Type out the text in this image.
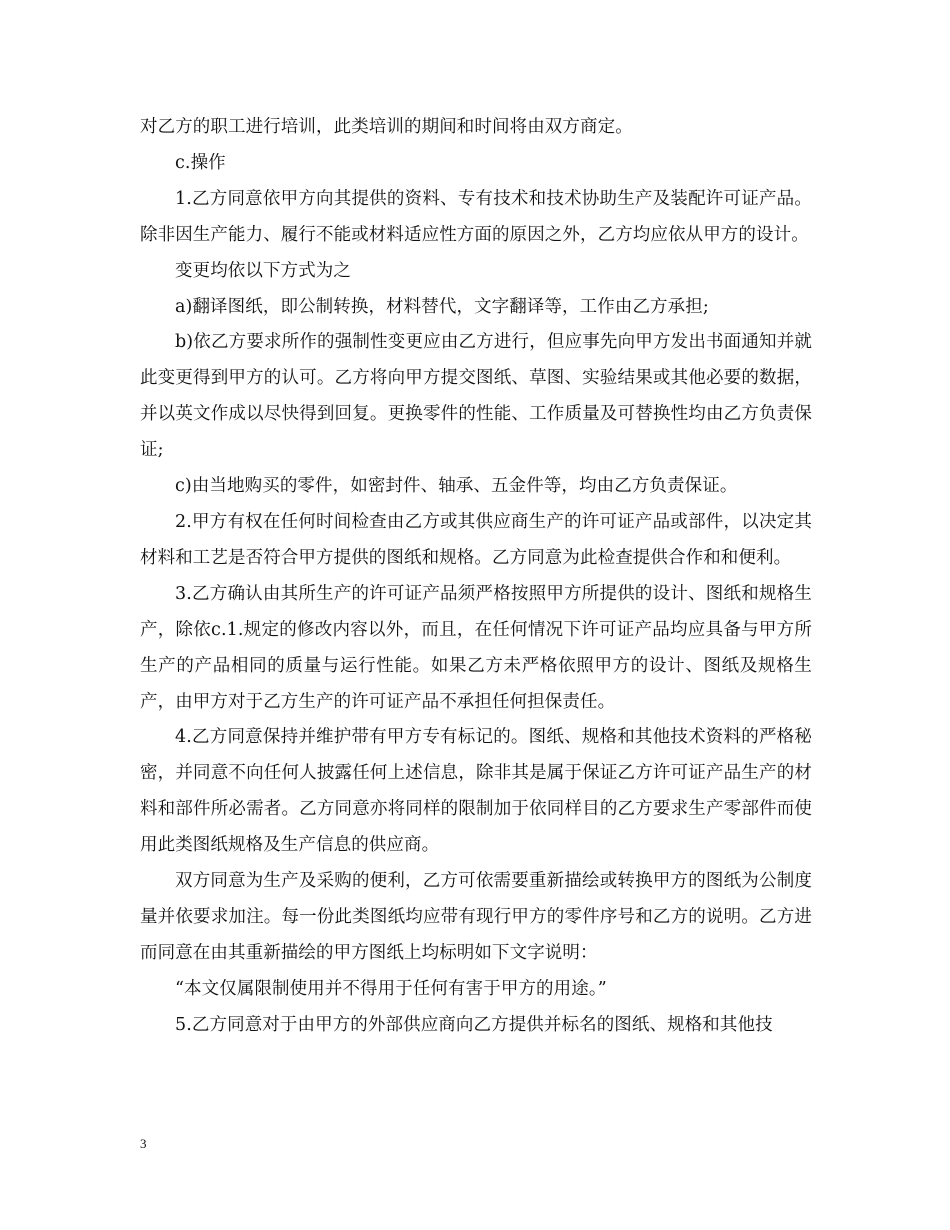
对乙方的职工进行培训，此类培训的期间和时间将由双方商定。

c.操作

1.乙方同意依甲方向其提供的资料、专有技术和技术协助生产及装配许可证产品。除非因生产能力、履行不能或材料适应性方面的原因之外，乙方均应依从甲方的设计。

变更均依以下方式为之

a)翻译图纸，即公制转换，材料替代，文字翻译等，工作由乙方承担;

b)依乙方要求所作的强制性变更应由乙方进行，但应事先向甲方发出书面通知并就此变更得到甲方的认可。乙方将向甲方提交图纸、草图、实验结果或其他必要的数据，并以英文作成以尽快得到回复。更换零件的性能、工作质量及可替换性均由乙方负责保证;

c)由当地购买的零件，如密封件、轴承、五金件等，均由乙方负责保证。

2.甲方有权在任何时间检查由乙方或其供应商生产的许可证产品或部件，以决定其材料和工艺是否符合甲方提供的图纸和规格。乙方同意为此检查提供合作和和便利。

3.乙方确认由其所生产的许可证产品须严格按照甲方所提供的设计、图纸和规格生产，除依c.1.规定的修改内容以外，而且，在任何情况下许可证产品均应具备与甲方所生产的产品相同的质量与运行性能。如果乙方未严格依照甲方的设计、图纸及规格生产，由甲方对于乙方生产的许可证产品不承担任何担保责任。

4.乙方同意保持并维护带有甲方专有标记的。图纸、规格和其他技术资料的严格秘密，并同意不向任何人披露任何上述信息，除非其是属于保证乙方许可证产品生产的材料和部件所必需者。乙方同意亦将同样的限制加于依同样目的乙方要求生产零部件而使用此类图纸规格及生产信息的供应商。

双方同意为生产及采购的便利，乙方可依需要重新描绘或转换甲方的图纸为公制度量并依要求加注。每一份此类图纸均应带有现行甲方的零件序号和乙方的说明。乙方进而同意在由其重新描绘的甲方图纸上均标明如下文字说明：

“本文仅属限制使用并不得用于任何有害于甲方的用途。”

5.乙方同意对于由甲方的外部供应商向乙方提供并标名的图纸、规格和其他技

3
